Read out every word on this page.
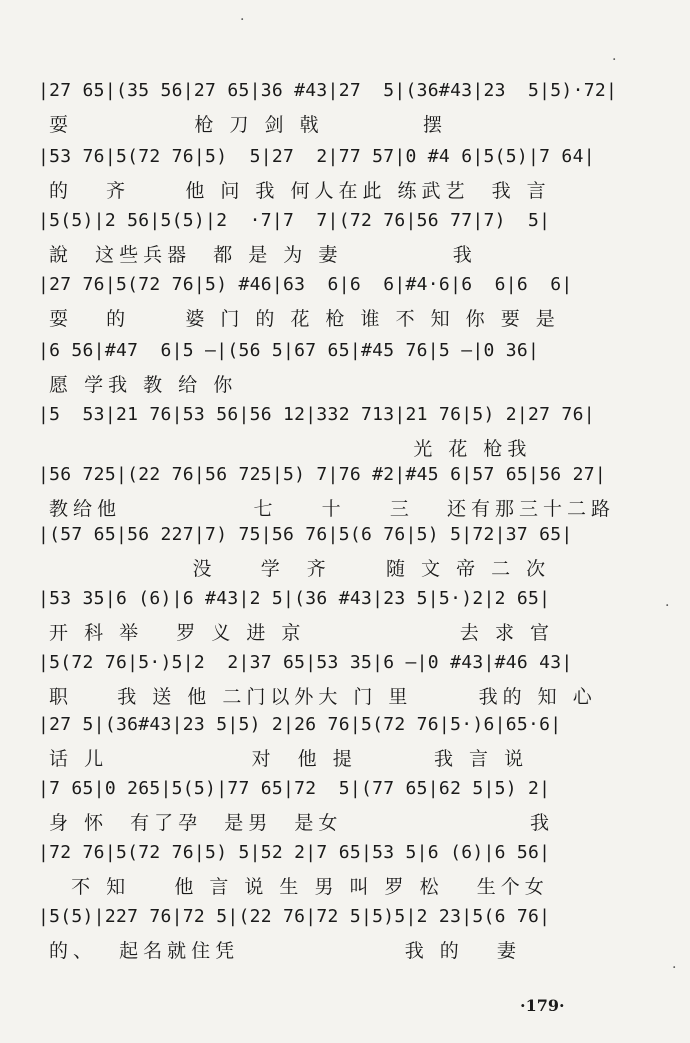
·
·
·
·
|27 65|(35 56|27 65|36 #43|27  5|(36#43|23  5|5)·72|
耍           枪 刀 剑 戟         摆
|53 76|5(72 76|5)  5|27  2|77 57|0 #4 6|5(5)|7 64|
的   齐     他 问 我 何人在此 练武艺  我 言
|5(5)|2 56|5(5)|2  ·7|7  7|(72 76|56 77|7)  5|
說  这些兵器  都 是 为 妻          我
|27 76|5(72 76|5) #46|63  6|6  6|#4·6|6  6|6  6|
耍   的     婆 门 的 花 枪 谁 不 知 你 要 是
|6 56|#47  6|5 —|(56 5|67 65|#45 76|5 —|0 36|
愿 学我 教 给 你
|5  53|21 76|53 56|56 12|332 713|21 76|5) 2|27 76|
光 花 枪我
|56 725|(22 76|56 725|5) 7|76 #2|#45 6|57 65|56 27|
教给他            七    十    三   还有那三十二路
|(57 65|56 227|7) 75|56 76|5(6 76|5) 5|72|37 65|
没    学  齐     随 文 帝 二 次
|53 35|6 (6)|6 #43|2 5|(36 #43|23 5|5·)2|2 65|
开 科 举   罗 义 进 京              去 求 官
|5(72 76|5·)5|2  2|37 65|53 35|6 —|0 #43|#46 43|
职    我 送 他 二门以外大 门 里      我的 知 心
|27 5|(36#43|23 5|5) 2|26 76|5(72 76|5·)6|65·6|
话 儿             对  他 提       我 言 说
|7 65|0 265|5(5)|77 65|72  5|(77 65|62 5|5) 2|
身 怀  有了孕  是男  是女                 我
|72 76|5(72 76|5) 5|52 2|7 65|53 5|6 (6)|6 56|
不 知    他 言 说 生 男 叫 罗 松   生个女
|5(5)|227 76|72 5|(22 76|72 5|5)5|2 23|5(6 76|
的、  起名就住凭               我 的   妻
·179·
